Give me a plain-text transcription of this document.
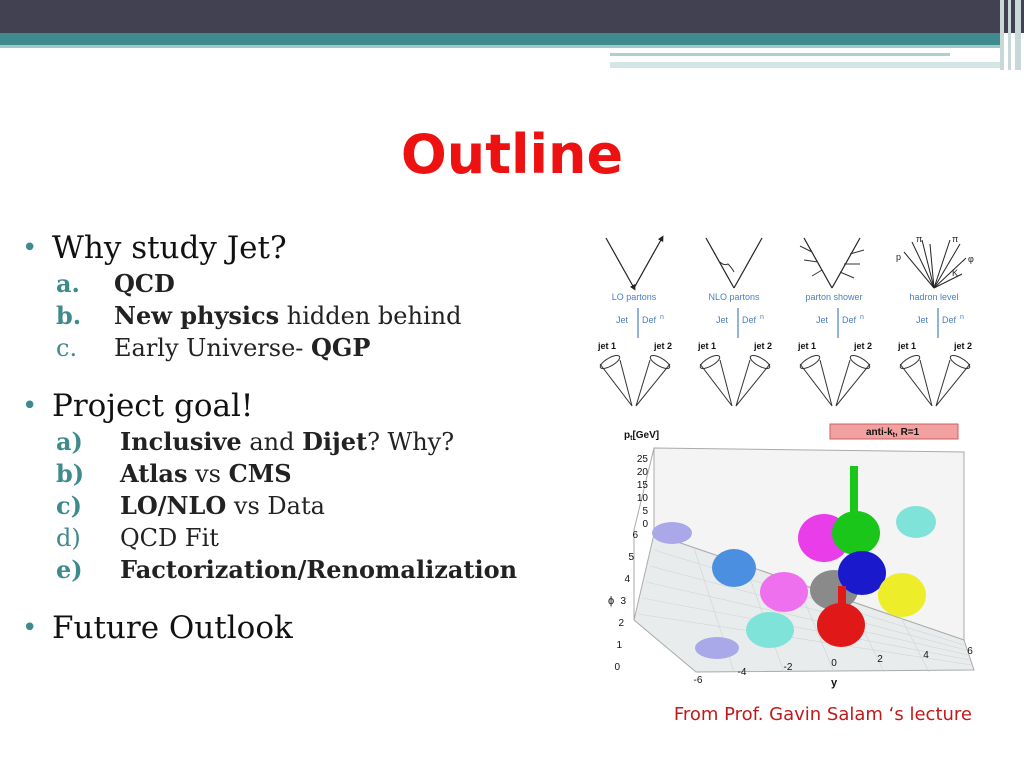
Outline
• Why study Jet?
a. QCD
b. New physics hidden behind
c. Early Universe- QGP
• Project goal!
a) Inclusive and Dijet? Why?
b) Atlas vs CMS
c) LO/NLO vs Data
d) QCD Fit
e) Factorization/Renomalization
• Future Outlook
p
π	π
φ
K
LO partons	NLO partons	parton shower	hadron level
Jet Def n	Jet Def n	Jet Def n	Jet Def n
jet 1	jet 2	jet 1	jet 2	jet 1	jet 2	jet 1	jet 2
anti-$k_t$, R=1
$p_t[GeV]$
25
20
15
10
5
0
6
5
4
3
2
1
0
ϕ
-6
-4	-2	0	2	4	6
y
From Prof. Gavin Salam ‘s lecture
